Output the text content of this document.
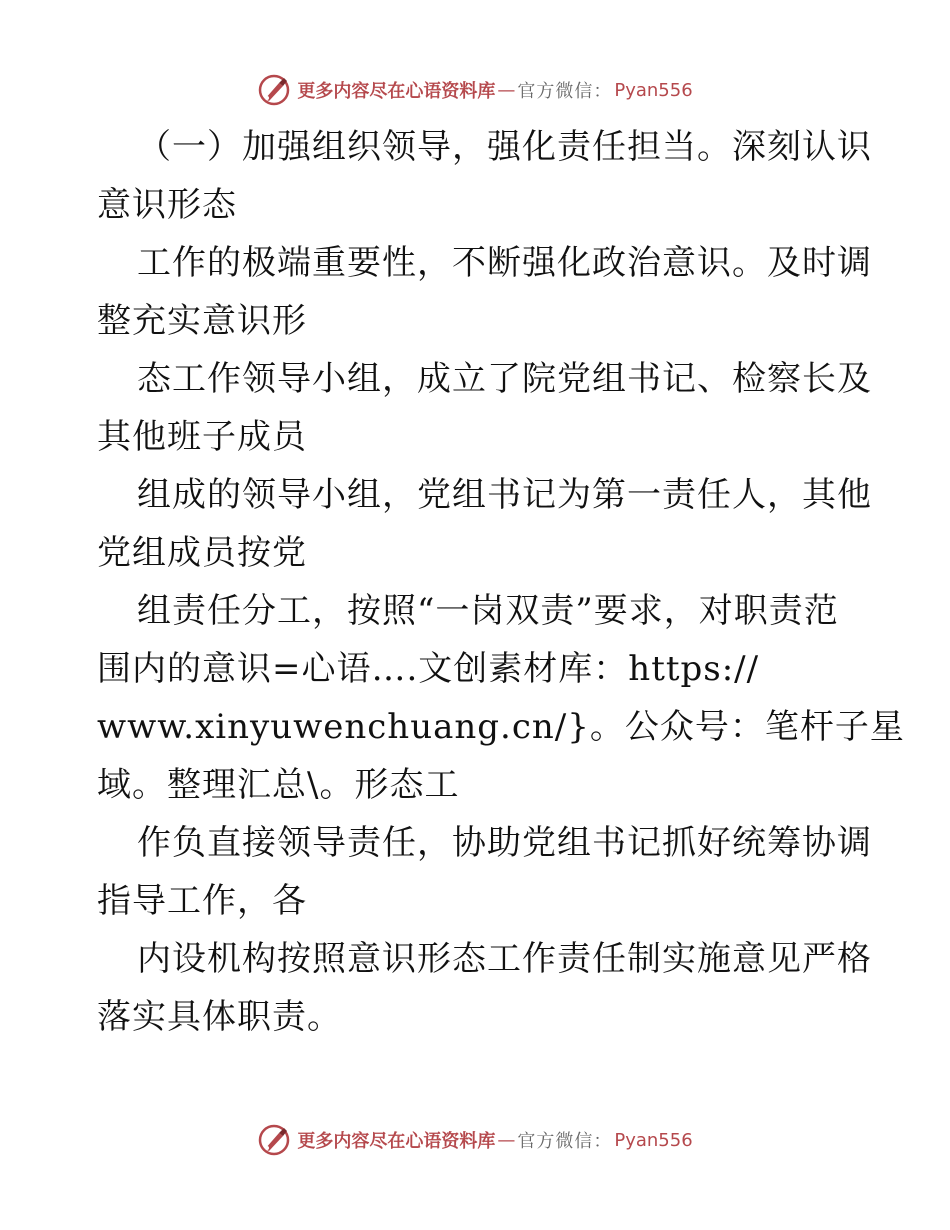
更多内容尽在心语资料库 — 官方微信： Pyan556

（一）加强组织领导，强化责任担当。深刻认识

意识形态

工作的极端重要性，不断强化政治意识。及时调

整充实意识形

态工作领导小组，成立了院党组书记、检察长及

其他班子成员

组成的领导小组，党组书记为第一责任人，其他

党组成员按党

组责任分工，按照“一岗双责”要求，对职责范

围内的意识=心语….文创素材库：https://

www.xinyuwenchuang.cn/}。公众号：笔杆子星

域。整理汇总\。形态工

作负直接领导责任，协助党组书记抓好统筹协调

指导工作，各

内设机构按照意识形态工作责任制实施意见严格

落实具体职责。

更多内容尽在心语资料库 — 官方微信： Pyan556
